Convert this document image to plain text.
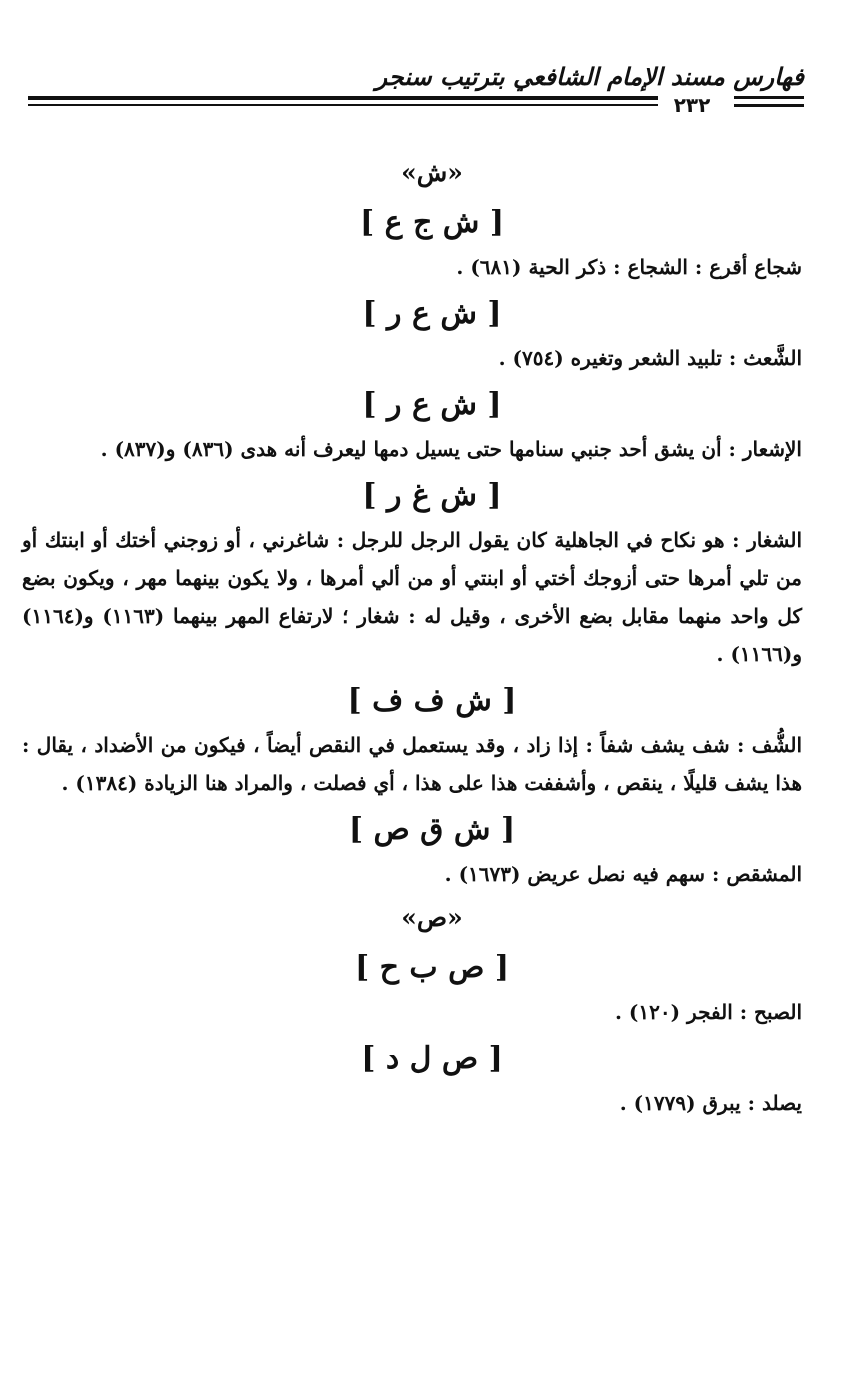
فهارس مسند الإمام الشافعي بترتيب سنجر
٢٣٢
«ش»
[ ش ج ع ]

شجاع أقرع : الشجاع : ذكر الحية (٦٨١) .

[ ش ع ر ]

الشَّعث : تلبيد الشعر وتغيره (٧٥٤) .

[ ش ع ر ]

الإشعار : أن يشق أحد جنبي سنامها حتى يسيل دمها ليعرف أنه هدى (٨٣٦) و(٨٣٧) .

[ ش غ ر ]

الشغار : هو نكاح في الجاهلية كان يقول الرجل للرجل : شاغرني ، أو زوجني أختك أو ابنتك أو من تلي أمرها حتى أزوجك أختي أو ابنتي أو من ألي أمرها ، ولا يكون بينهما مهر ، ويكون بضع كل واحد منهما مقابل بضع الأخرى ، وقيل له : شغار ؛ لارتفاع المهر بينهما (١١٦٣) و(١١٦٤) و(١١٦٦) .

[ ش ف ف ]

الشُّف : شف يشف شفاً : إذا زاد ، وقد يستعمل في النقص أيضاً ، فيكون من الأضداد ، يقال : هذا يشف قليلًا ، ينقص ، وأشففت هذا على هذا ، أي فصلت ، والمراد هنا الزيادة (١٣٨٤) .

[ ش ق ص ]

المشقص : سهم فيه نصل عريض (١٦٧٣) .

«ص»
[ ص ب ح ]

الصبح : الفجر (١٢٠) .

[ ص ل د ]

يصلد : يبرق (١٧٧٩) .
